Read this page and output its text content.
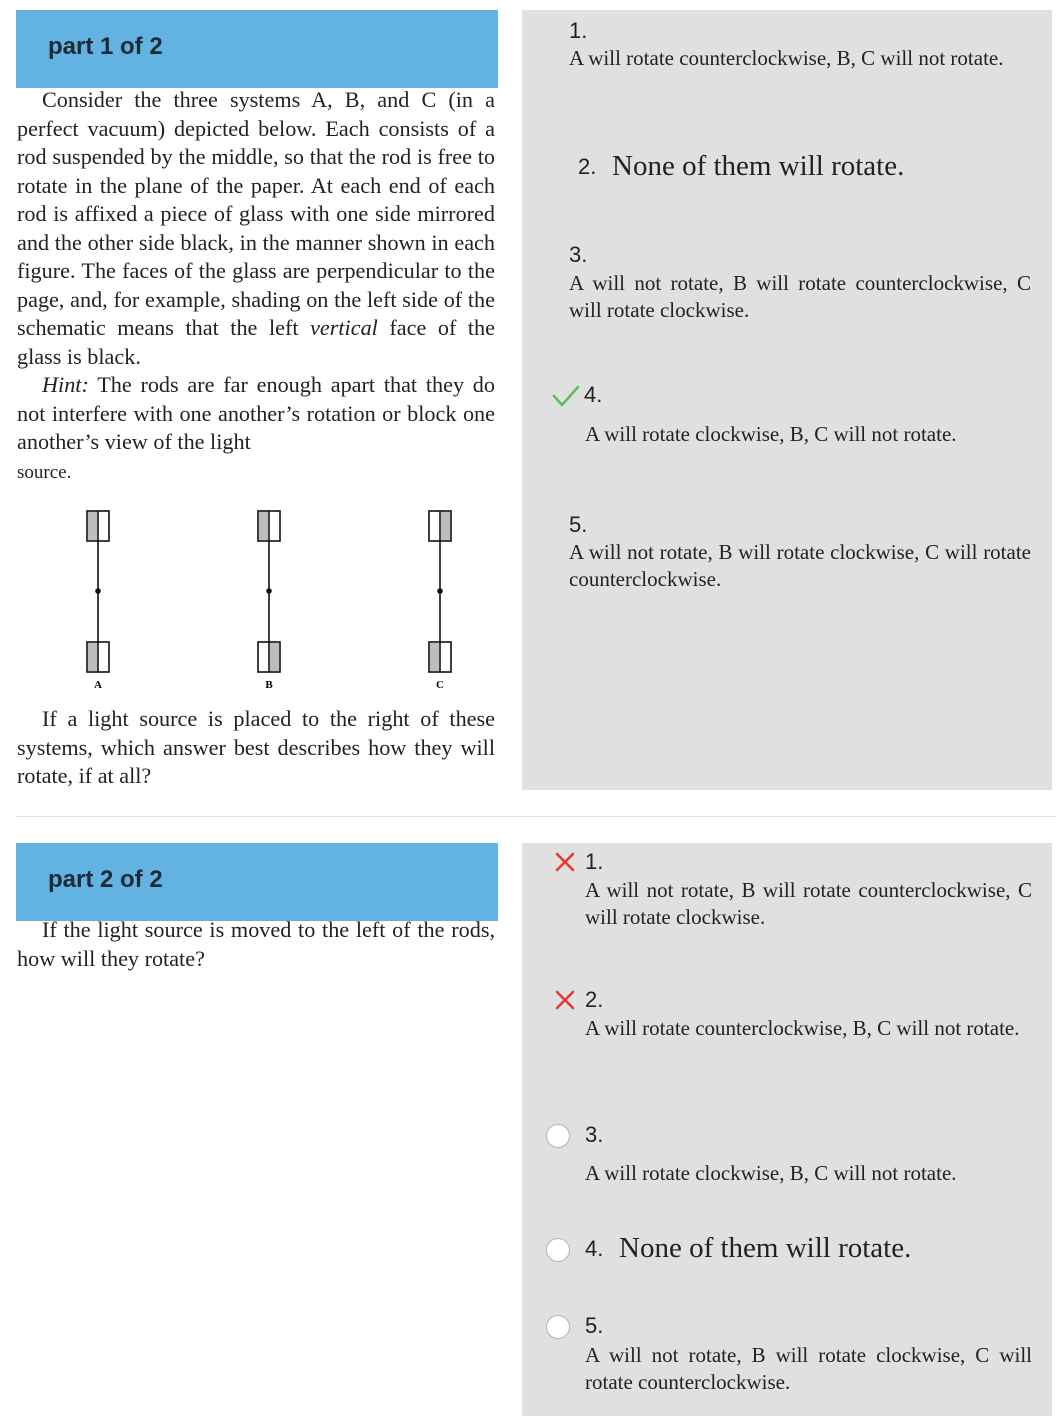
part 1 of 2

Consider the three systems A, B, and C (in a perfect vacuum) depicted below. Each consists of a rod suspended by the middle, so that the rod is free to rotate in the plane of the paper. At each end of each rod is affixed a piece of glass with one side mirrored and the other side black, in the manner shown in each figure. The faces of the glass are perpendicular to the page, and, for example, shading on the left side of the schematic means that the left vertical face of the glass is black.

Hint: The rods are far enough apart that they do not interfere with one another’s rotation or block one another’s view of the light

source.

A	B	C

If a light source is placed to the right of these systems, which answer best describes how they will rotate, if at all?

1.
A will rotate counterclockwise, B, C will not rotate.
2. None of them will rotate.
3.
A will not rotate, B will rotate counterclockwise, C will rotate clockwise.
4.
A will rotate clockwise, B, C will not rotate.
5.
A will not rotate, B will rotate clockwise, C will rotate counterclockwise.
part 2 of 2

If the light source is moved to the left of the rods, how will they rotate?

1.
A will not rotate, B will rotate counterclockwise, C will rotate clockwise.
2.
A will rotate counterclockwise, B, C will not rotate.
3.
A will rotate clockwise, B, C will not rotate.
4. None of them will rotate.
5.
A will not rotate, B will rotate clockwise, C will rotate counterclockwise.
